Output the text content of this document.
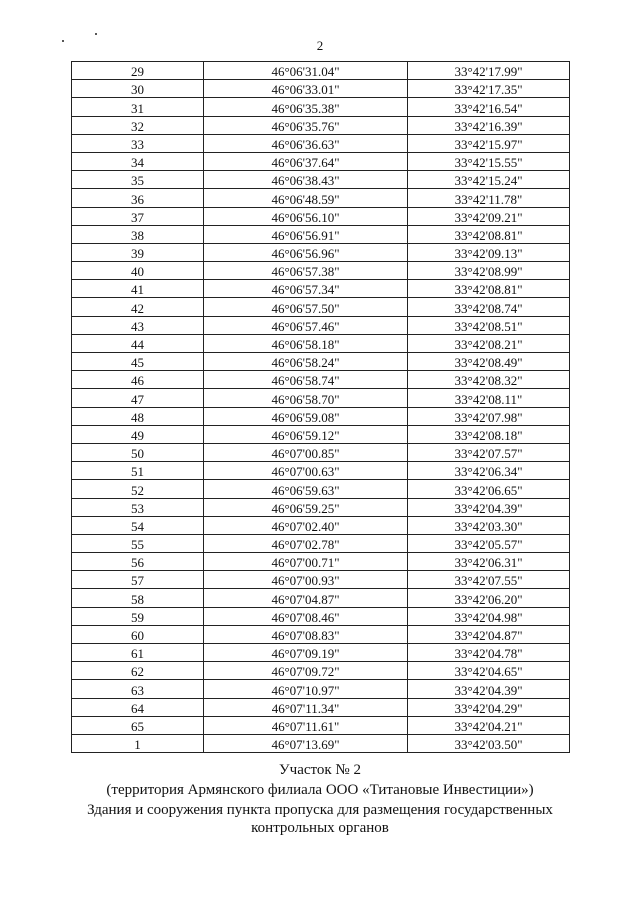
2
29	46°06'31.04"	33°42'17.99"
30	46°06'33.01"	33°42'17.35"
31	46°06'35.38"	33°42'16.54"
32	46°06'35.76"	33°42'16.39"
33	46°06'36.63"	33°42'15.97"
34	46°06'37.64"	33°42'15.55"
35	46°06'38.43"	33°42'15.24"
36	46°06'48.59"	33°42'11.78"
37	46°06'56.10"	33°42'09.21"
38	46°06'56.91"	33°42'08.81"
39	46°06'56.96"	33°42'09.13"
40	46°06'57.38"	33°42'08.99"
41	46°06'57.34"	33°42'08.81"
42	46°06'57.50"	33°42'08.74"
43	46°06'57.46"	33°42'08.51"
44	46°06'58.18"	33°42'08.21"
45	46°06'58.24"	33°42'08.49"
46	46°06'58.74"	33°42'08.32"
47	46°06'58.70"	33°42'08.11"
48	46°06'59.08"	33°42'07.98"
49	46°06'59.12"	33°42'08.18"
50	46°07'00.85"	33°42'07.57"
51	46°07'00.63"	33°42'06.34"
52	46°06'59.63"	33°42'06.65"
53	46°06'59.25"	33°42'04.39"
54	46°07'02.40"	33°42'03.30"
55	46°07'02.78"	33°42'05.57"
56	46°07'00.71"	33°42'06.31"
57	46°07'00.93"	33°42'07.55"
58	46°07'04.87"	33°42'06.20"
59	46°07'08.46"	33°42'04.98"
60	46°07'08.83"	33°42'04.87"
61	46°07'09.19"	33°42'04.78"
62	46°07'09.72"	33°42'04.65"
63	46°07'10.97"	33°42'04.39"
64	46°07'11.34"	33°42'04.29"
65	46°07'11.61"	33°42'04.21"
1	46°07'13.69"	33°42'03.50"
Участок № 2
(территория Армянского филиала ООО «Титановые Инвестиции»)
Здания и сооружения пункта пропуска для размещения государственных
контрольных органов
